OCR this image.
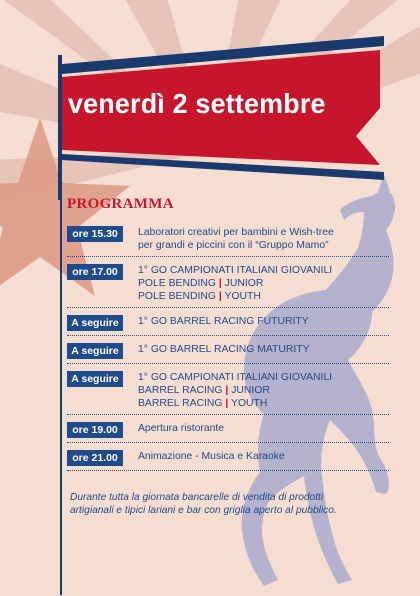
venerdì 2 settembre
PROGRAMMA
ore 15.30	Laboratori creativi per bambini e Wish-tree
per grandi e piccini con il “Gruppo Mamo”
ore 17.00	1° GO CAMPIONATI ITALIANI GIOVANILI
POLE BENDING | JUNIOR
POLE BENDING | YOUTH
A seguire	1° GO BARREL RACING FUTURITY
A seguire	1° GO BARREL RACING MATURITY
A seguire	1° GO CAMPIONATI ITALIANI GIOVANILI
BARREL RACING | JUNIOR
BARREL RACING | YOUTH
ore 19.00	Apertura ristorante
ore 21.00	Animazione - Musica e Karaoke
Durante tutta la giornata bancarelle di vendita di prodotti
artigianali e tipici lariani e bar con griglia aperto al pubblico.
